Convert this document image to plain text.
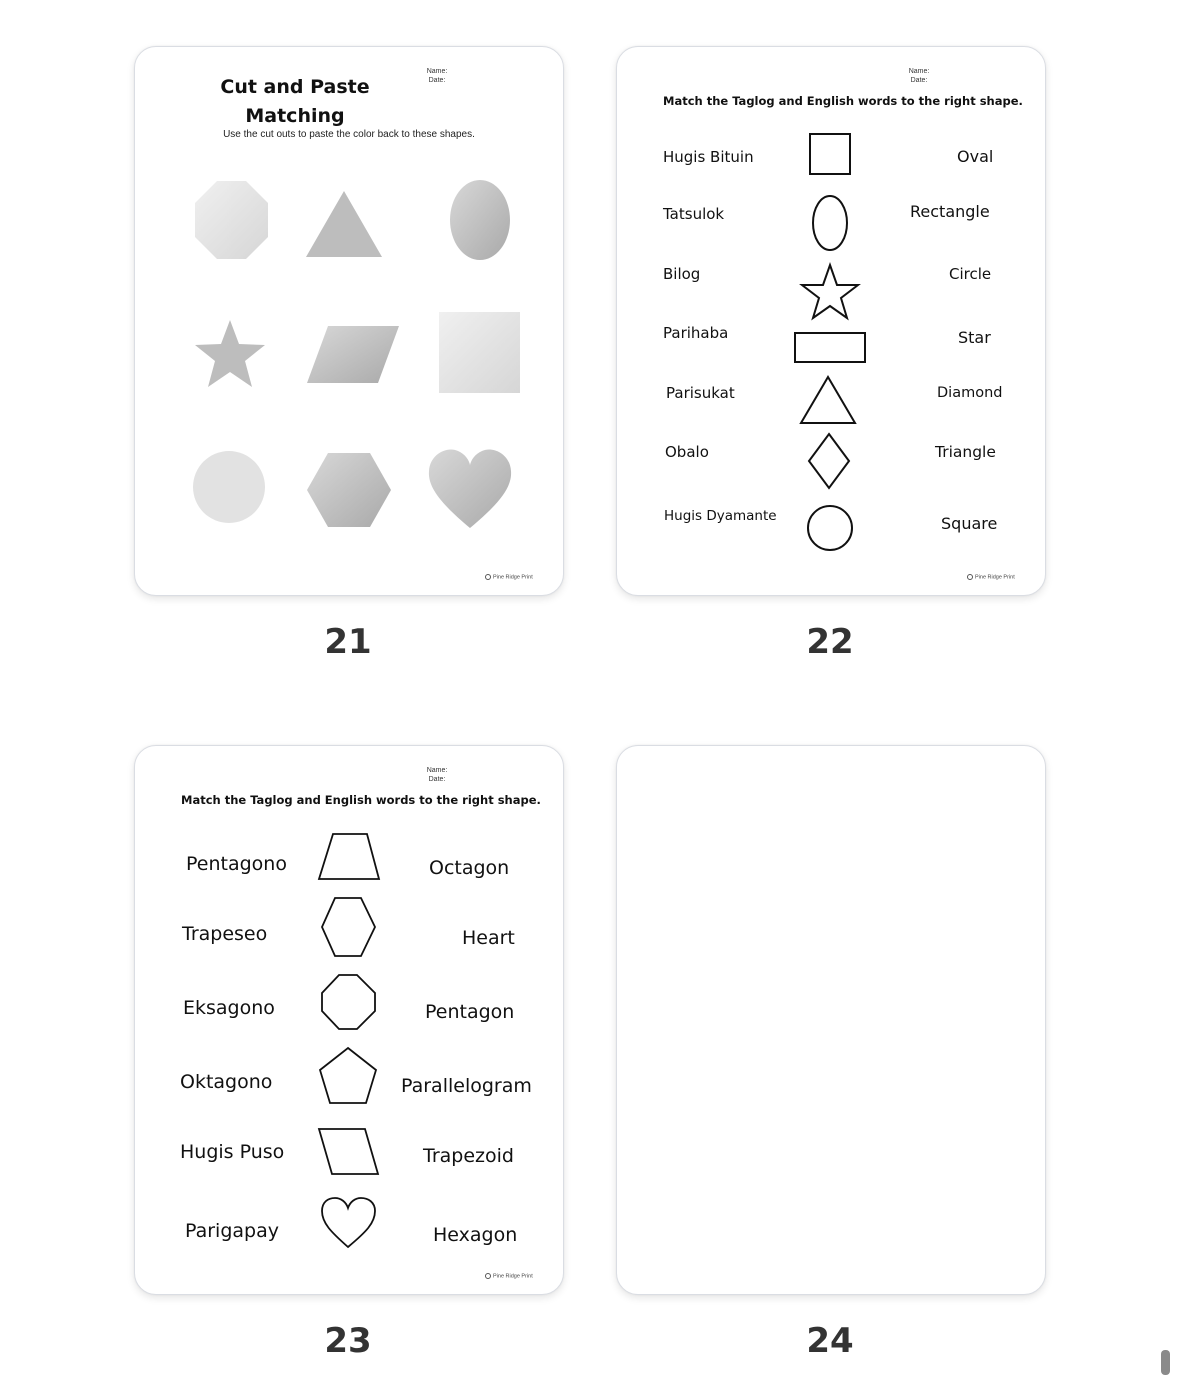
Name:
Date:
Cut and Paste Matching
Use the cut outs to paste the color back to these shapes.
Pine Ridge Print
21
Name:
Date:
Match the Taglog and English words to the right shape.
Hugis Bituin
Tatsulok
Bilog
Parihaba
Parisukat
Obalo
Hugis Dyamante
Oval
Rectangle
Circle
Star
Diamond
Triangle
Square
Pine Ridge Print
22
Name:
Date:
Match the Taglog and English words to the right shape.
Pentagono
Trapeseo
Eksagono
Oktagono
Hugis Puso
Parigapay
Octagon
Heart
Pentagon
Parallelogram
Trapezoid
Hexagon
Pine Ridge Print
23	24
